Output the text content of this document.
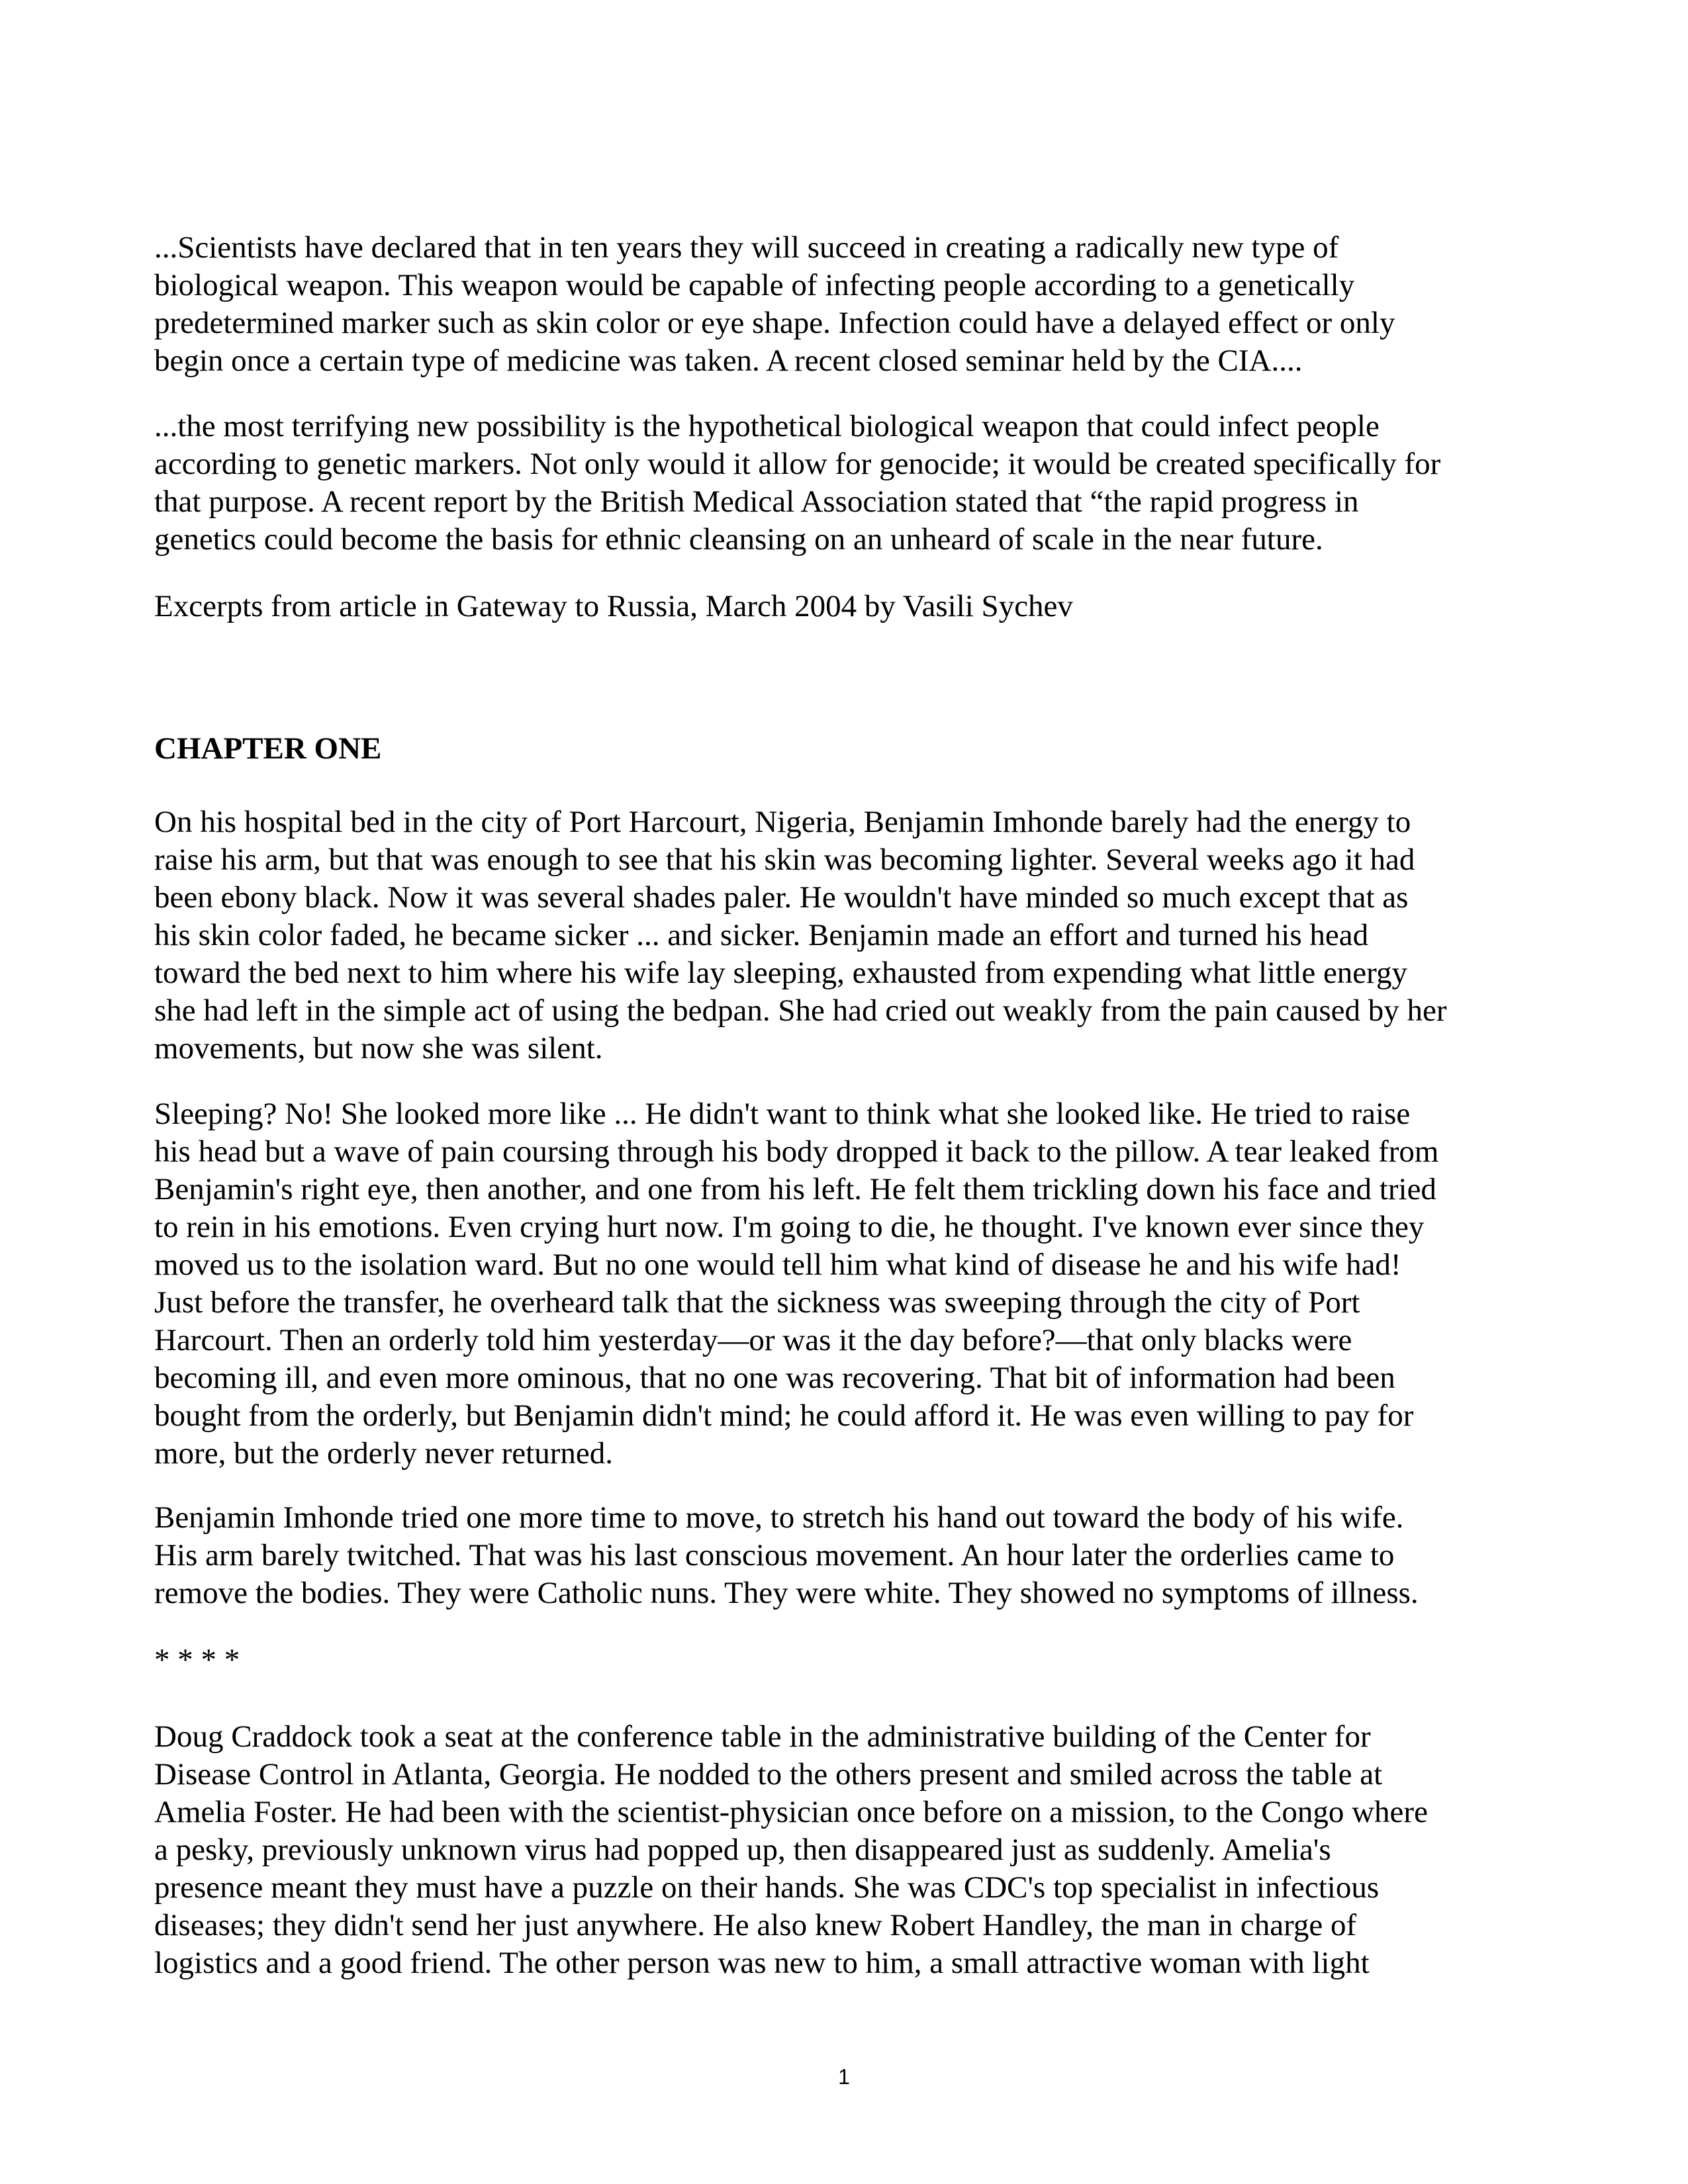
...Scientists have declared that in ten years they will succeed in creating a radically new type of
biological weapon. This weapon would be capable of infecting people according to a genetically
predetermined marker such as skin color or eye shape. Infection could have a delayed effect or only
begin once a certain type of medicine was taken. A recent closed seminar held by the CIA....
...the most terrifying new possibility is the hypothetical biological weapon that could infect people
according to genetic markers. Not only would it allow for genocide; it would be created specifically for
that purpose. A recent report by the British Medical Association stated that “the rapid progress in
genetics could become the basis for ethnic cleansing on an unheard of scale in the near future.
Excerpts from article in Gateway to Russia, March 2004 by Vasili Sychev
CHAPTER ONE
On his hospital bed in the city of Port Harcourt, Nigeria, Benjamin Imhonde barely had the energy to
raise his arm, but that was enough to see that his skin was becoming lighter. Several weeks ago it had
been ebony black. Now it was several shades paler. He wouldn't have minded so much except that as
his skin color faded, he became sicker ... and sicker. Benjamin made an effort and turned his head
toward the bed next to him where his wife lay sleeping, exhausted from expending what little energy
she had left in the simple act of using the bedpan. She had cried out weakly from the pain caused by her
movements, but now she was silent.
Sleeping? No! She looked more like ... He didn't want to think what she looked like. He tried to raise
his head but a wave of pain coursing through his body dropped it back to the pillow. A tear leaked from
Benjamin's right eye, then another, and one from his left. He felt them trickling down his face and tried
to rein in his emotions. Even crying hurt now. I'm going to die, he thought. I've known ever since they
moved us to the isolation ward. But no one would tell him what kind of disease he and his wife had!
Just before the transfer, he overheard talk that the sickness was sweeping through the city of Port
Harcourt. Then an orderly told him yesterday—or was it the day before?—that only blacks were
becoming ill, and even more ominous, that no one was recovering. That bit of information had been
bought from the orderly, but Benjamin didn't mind; he could afford it. He was even willing to pay for
more, but the orderly never returned.
Benjamin Imhonde tried one more time to move, to stretch his hand out toward the body of his wife.
His arm barely twitched. That was his last conscious movement. An hour later the orderlies came to
remove the bodies. They were Catholic nuns. They were white. They showed no symptoms of illness.
* * * *
Doug Craddock took a seat at the conference table in the administrative building of the Center for
Disease Control in Atlanta, Georgia. He nodded to the others present and smiled across the table at
Amelia Foster. He had been with the scientist-physician once before on a mission, to the Congo where
a pesky, previously unknown virus had popped up, then disappeared just as suddenly. Amelia's
presence meant they must have a puzzle on their hands. She was CDC's top specialist in infectious
diseases; they didn't send her just anywhere. He also knew Robert Handley, the man in charge of
logistics and a good friend. The other person was new to him, a small attractive woman with light
1
